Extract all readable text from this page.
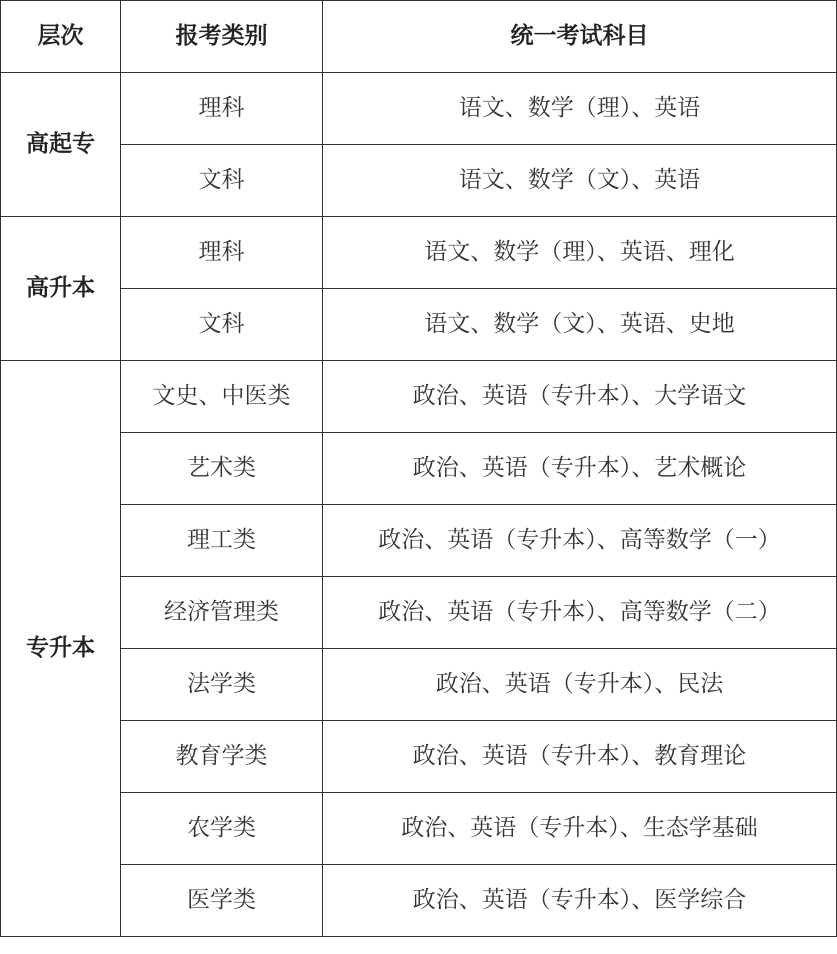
层次	报考类别	统一考试科目
高起专	理科	语文、数学（理）、英语
	文科	语文、数学（文）、英语
高升本	理科	语文、数学（理）、英语、理化
	文科	语文、数学（文）、英语、史地
专升本	文史、中医类	政治、英语（专升本）、大学语文
	艺术类	政治、英语（专升本）、艺术概论
	理工类	政治、英语（专升本）、高等数学（一）
	经济管理类	政治、英语（专升本）、高等数学（二）
	法学类	政治、英语（专升本）、民法
	教育学类	政治、英语（专升本）、教育理论
	农学类	政治、英语（专升本）、生态学基础
	医学类	政治、英语（专升本）、医学综合
